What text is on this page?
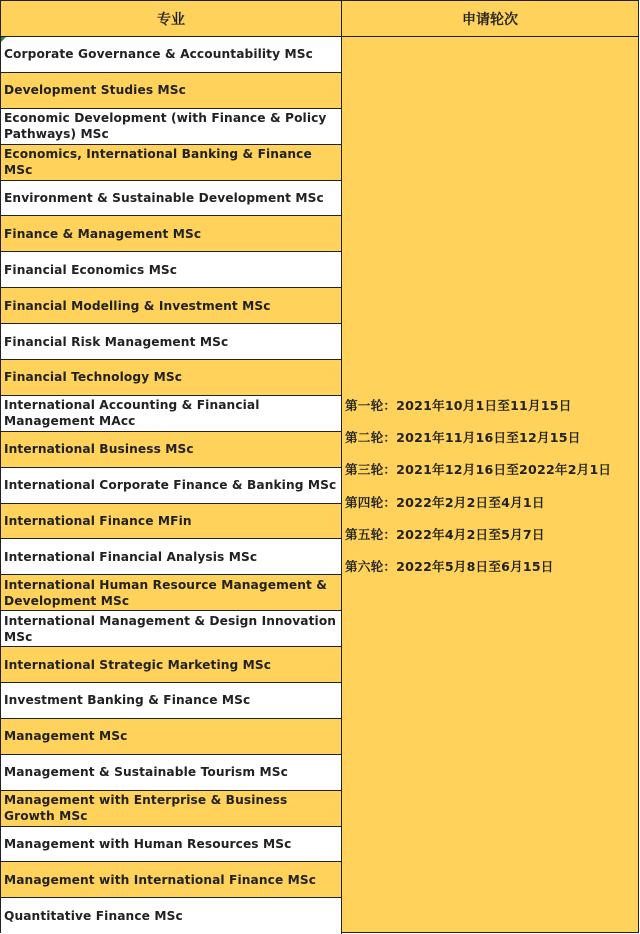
专业	申请轮次
Corporate Governance & Accountability MSc
Development Studies MSc
Economic Development (with Finance & Policy Pathways) MSc
Economics, International Banking & Finance MSc
Environment & Sustainable Development MSc
Finance & Management MSc
Financial Economics MSc
Financial Modelling & Investment MSc
Financial Risk Management MSc
Financial Technology MSc
International Accounting & Financial Management MAcc
International Business MSc
International Corporate Finance & Banking MSc
International Finance MFin
International Financial Analysis MSc
International Human Resource Management & Development MSc
International Management & Design Innovation MSc
International Strategic Marketing MSc
Investment Banking & Finance MSc
Management MSc
Management & Sustainable Tourism MSc
Management with Enterprise & Business Growth MSc
Management with Human Resources MSc
Management with International Finance MSc
Quantitative Finance MSc
第一轮：2021年10月1日至11月15日
第二轮：2021年11月16日至12月15日
第三轮：2021年12月16日至2022年2月1日
第四轮：2022年2月2日至4月1日
第五轮：2022年4月2日至5月7日
第六轮：2022年5月8日至6月15日
